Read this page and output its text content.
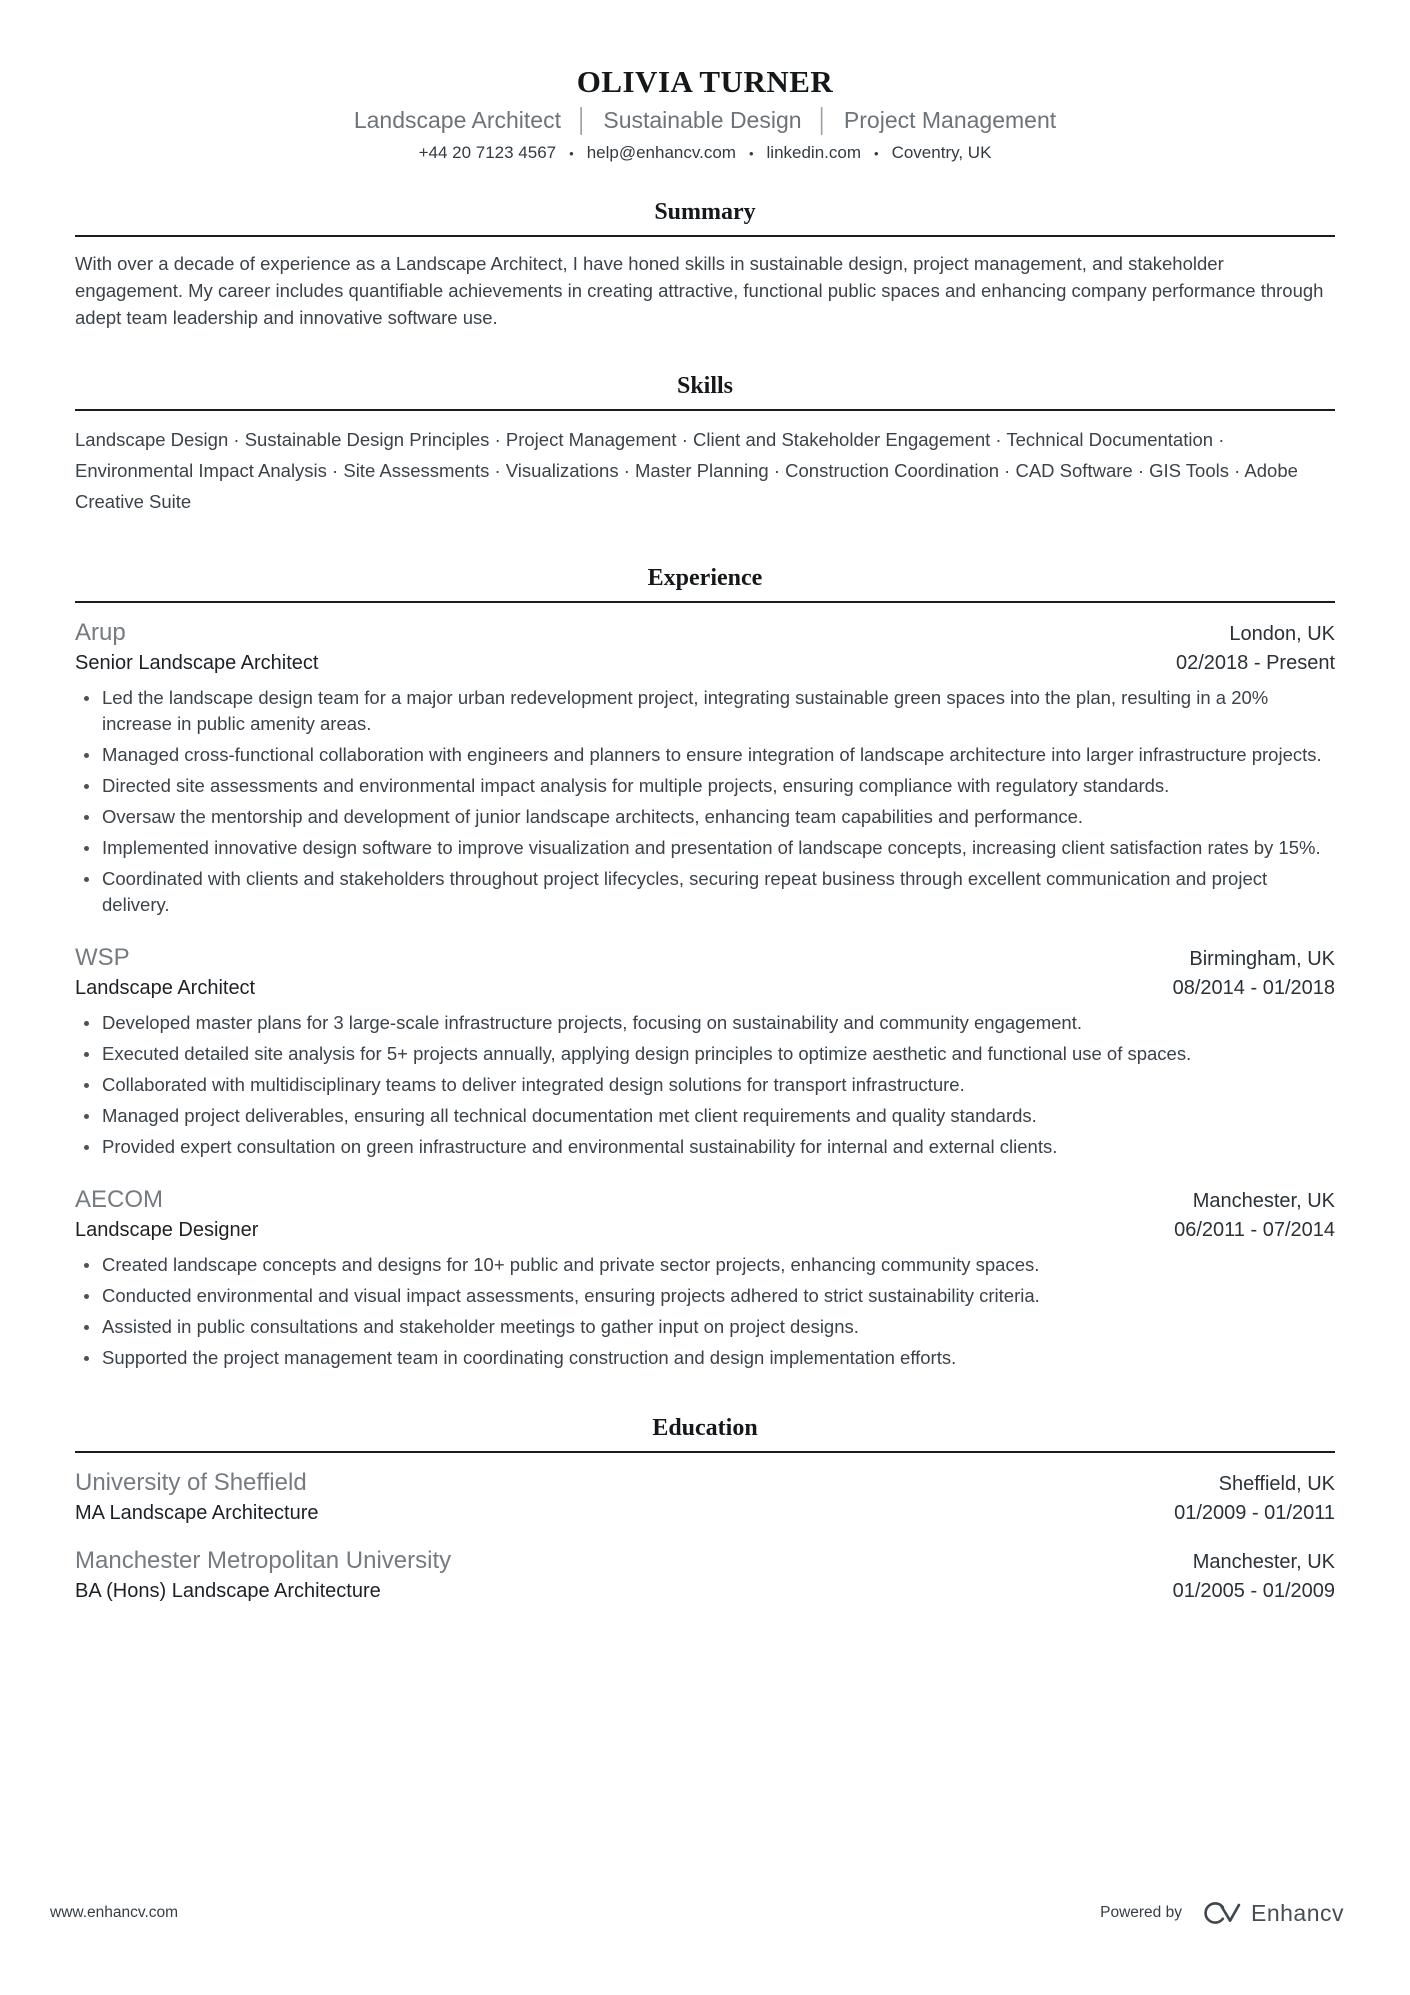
OLIVIA TURNER
Landscape Architect │ Sustainable Design │ Project Management
+44 20 7123 4567 • help@enhancv.com • linkedin.com • Coventry, UK
Summary

With over a decade of experience as a Landscape Architect, I have honed skills in sustainable design, project management, and stakeholder engagement. My career includes quantifiable achievements in creating attractive, functional public spaces and enhancing company performance through adept team leadership and innovative software use.

Skills

Landscape Design · Sustainable Design Principles · Project Management · Client and Stakeholder Engagement · Technical Documentation · Environmental Impact Analysis · Site Assessments · Visualizations · Master Planning · Construction Coordination · CAD Software · GIS Tools · Adobe Creative Suite

Experience
Arup	London, UK
Senior Landscape Architect	02/2018 - Present
Led the landscape design team for a major urban redevelopment project, integrating sustainable green spaces into the plan, resulting in a 20% increase in public amenity areas.
Managed cross-functional collaboration with engineers and planners to ensure integration of landscape architecture into larger infrastructure projects.
Directed site assessments and environmental impact analysis for multiple projects, ensuring compliance with regulatory standards.
Oversaw the mentorship and development of junior landscape architects, enhancing team capabilities and performance.
Implemented innovative design software to improve visualization and presentation of landscape concepts, increasing client satisfaction rates by 15%.
Coordinated with clients and stakeholders throughout project lifecycles, securing repeat business through excellent communication and project delivery.
WSP	Birmingham, UK
Landscape Architect	08/2014 - 01/2018
Developed master plans for 3 large-scale infrastructure projects, focusing on sustainability and community engagement.
Executed detailed site analysis for 5+ projects annually, applying design principles to optimize aesthetic and functional use of spaces.
Collaborated with multidisciplinary teams to deliver integrated design solutions for transport infrastructure.
Managed project deliverables, ensuring all technical documentation met client requirements and quality standards.
Provided expert consultation on green infrastructure and environmental sustainability for internal and external clients.
AECOM	Manchester, UK
Landscape Designer	06/2011 - 07/2014
Created landscape concepts and designs for 10+ public and private sector projects, enhancing community spaces.
Conducted environmental and visual impact assessments, ensuring projects adhered to strict sustainability criteria.
Assisted in public consultations and stakeholder meetings to gather input on project designs.
Supported the project management team in coordinating construction and design implementation efforts.
Education
University of Sheffield	Sheffield, UK
MA Landscape Architecture	01/2009 - 01/2011
Manchester Metropolitan University	Manchester, UK
BA (Hons) Landscape Architecture	01/2005 - 01/2009
www.enhancv.com	Powered by	Enhancv
